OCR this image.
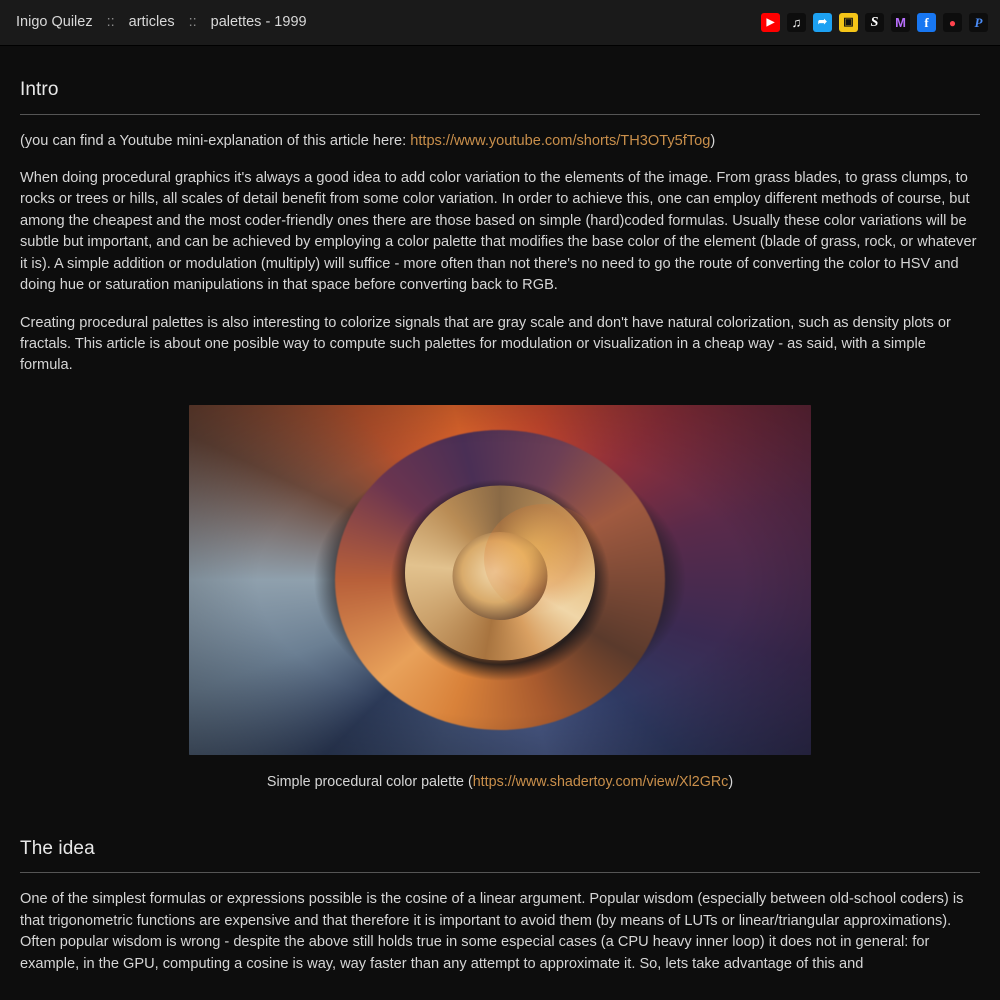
Inigo Quilez :: articles :: palettes - 1999	▶	♫	➦	▣	S	M	f	●	P
Intro

(you can find a Youtube mini-explanation of this article here: https://www.youtube.com/shorts/TH3OTy5fTog)

When doing procedural graphics it's always a good idea to add color variation to the elements of the image. From grass blades, to grass clumps, to rocks or trees or hills, all scales of detail benefit from some color variation. In order to achieve this, one can employ different methods of course, but among the cheapest and the most coder-friendly ones there are those based on simple (hard)coded formulas. Usually these color variations will be subtle but important, and can be achieved by employing a color palette that modifies the base color of the element (blade of grass, rock, or whatever it is). A simple addition or modulation (multiply) will suffice - more often than not there's no need to go the route of converting the color to HSV and doing hue or saturation manipulations in that space before converting back to RGB.

Creating procedural palettes is also interesting to colorize signals that are gray scale and don't have natural colorization, such as density plots or fractals. This article is about one posible way to compute such palettes for modulation or visualization in a cheap way - as said, with a simple formula.

Simple procedural color palette (https://www.shadertoy.com/view/Xl2GRc)
The idea

One of the simplest formulas or expressions possible is the cosine of a linear argument. Popular wisdom (especially between old-school coders) is that trigonometric functions are expensive and that therefore it is important to avoid them (by means of LUTs or linear/triangular approximations). Often popular wisdom is wrong - despite the above still holds true in some especial cases (a CPU heavy inner loop) it does not in general: for example, in the GPU, computing a cosine is way, way faster than any attempt to approximate it. So, lets take advantage of this and
